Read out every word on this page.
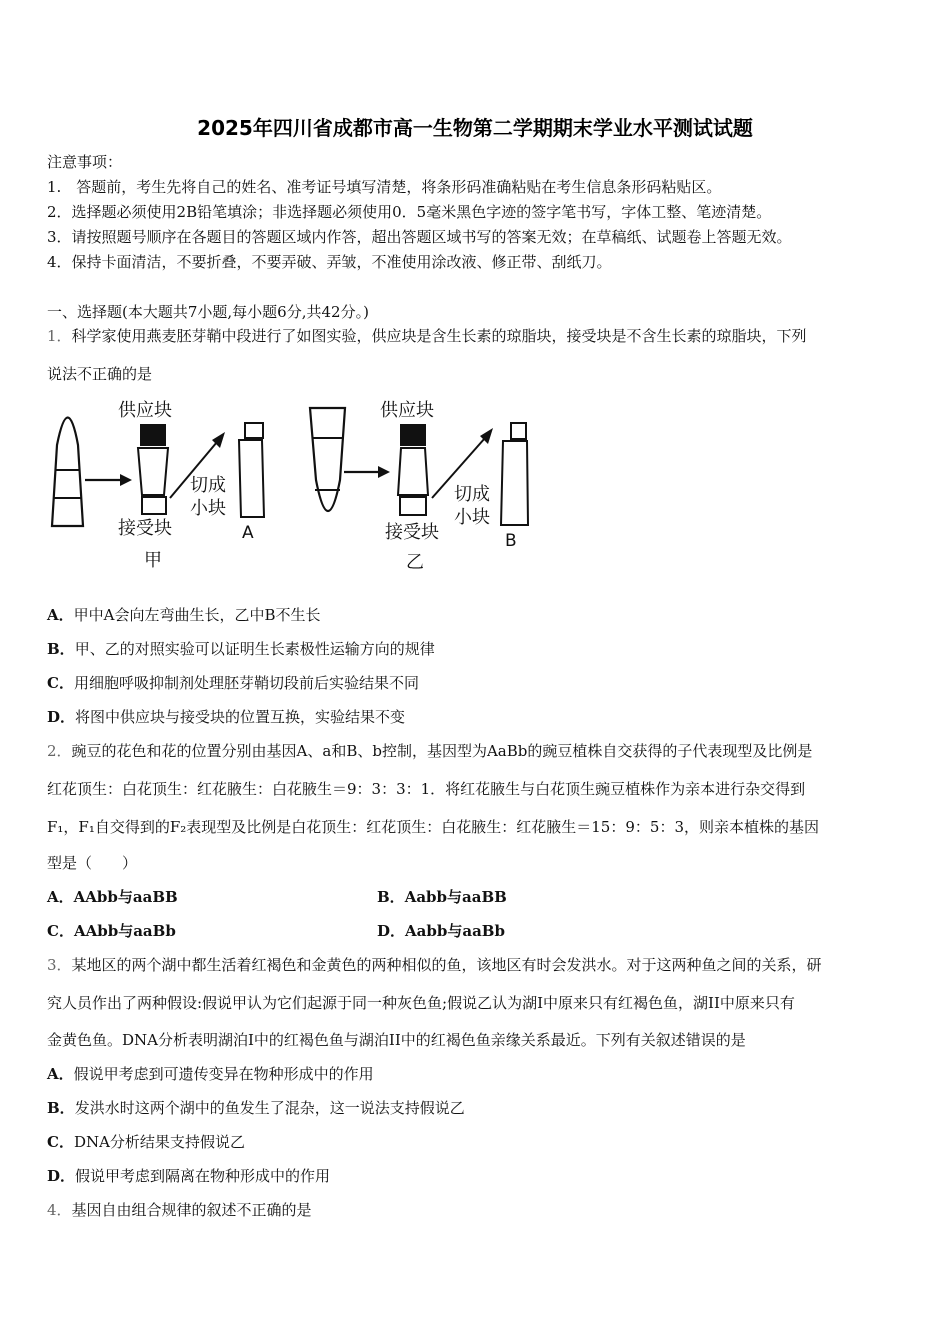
2025年四川省成都市高一生物第二学期期末学业水平测试试题
注意事项：
1.　答题前，考生先将自己的姓名、准考证号填写清楚，将条形码准确粘贴在考生信息条形码粘贴区。
2．选择题必须使用2B铅笔填涂；非选择题必须使用0．5毫米黑色字迹的签字笔书写，字体工整、笔迹清楚。
3．请按照题号顺序在各题目的答题区域内作答，超出答题区域书写的答案无效；在草稿纸、试题卷上答题无效。
4．保持卡面清洁，不要折叠，不要弄破、弄皱，不准使用涂改液、修正带、刮纸刀。
一、选择题(本大题共7小题,每小题6分,共42分。)
1．科学家使用燕麦胚芽鞘中段进行了如图实验，供应块是含生长素的琼脂块，接受块是不含生长素的琼脂块，下列
说法不正确的是
供应块
接受块
切成
小块
甲
A
供应块
接受块
切成
小块
乙
B
A．甲中A会向左弯曲生长，乙中B不生长
B．甲、乙的对照实验可以证明生长素极性运输方向的规律
C．用细胞呼吸抑制剂处理胚芽鞘切段前后实验结果不同
D．将图中供应块与接受块的位置互换，实验结果不变
2．豌豆的花色和花的位置分别由基因A、a和B、b控制，基因型为AaBb的豌豆植株自交获得的子代表现型及比例是
红花顶生：白花顶生：红花腋生：白花腋生＝9：3：3：1．将红花腋生与白花顶生豌豆植株作为亲本进行杂交得到
F₁，F₁自交得到的F₂表现型及比例是白花顶生：红花顶生：白花腋生：红花腋生＝15：9：5：3，则亲本植株的基因
型是（　　）
A．AAbb与aaBB	B．Aabb与aaBB
C．AAbb与aaBb	D．Aabb与aaBb
3．某地区的两个湖中都生活着红褐色和金黄色的两种相似的鱼，该地区有时会发洪水。对于这两种鱼之间的关系，研
究人员作出了两种假设:假说甲认为它们起源于同一种灰色鱼;假说乙认为湖I中原来只有红褐色鱼，湖II中原来只有
金黄色鱼。DNA分析表明湖泊Ⅰ中的红褐色鱼与湖泊II中的红褐色鱼亲缘关系最近。下列有关叙述错误的是
A．假说甲考虑到可遗传变异在物种形成中的作用
B．发洪水时这两个湖中的鱼发生了混杂，这一说法支持假说乙
C．DNA分析结果支持假说乙
D．假说甲考虑到隔离在物种形成中的作用
4．基因自由组合规律的叙述不正确的是
